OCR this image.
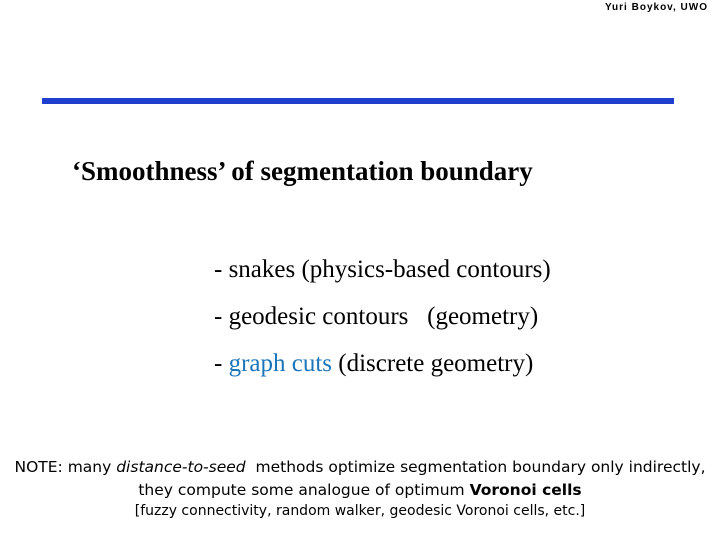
Yuri Boykov, UWO
‘Smoothness’ of segmentation boundary
- snakes (physics-based contours)
- geodesic contours   (geometry)
- graph cuts (discrete geometry)
NOTE: many distance-to-seed  methods optimize segmentation boundary only indirectly,
they compute some analogue of optimum Voronoi cells
[fuzzy connectivity, random walker, geodesic Voronoi cells, etc.]
